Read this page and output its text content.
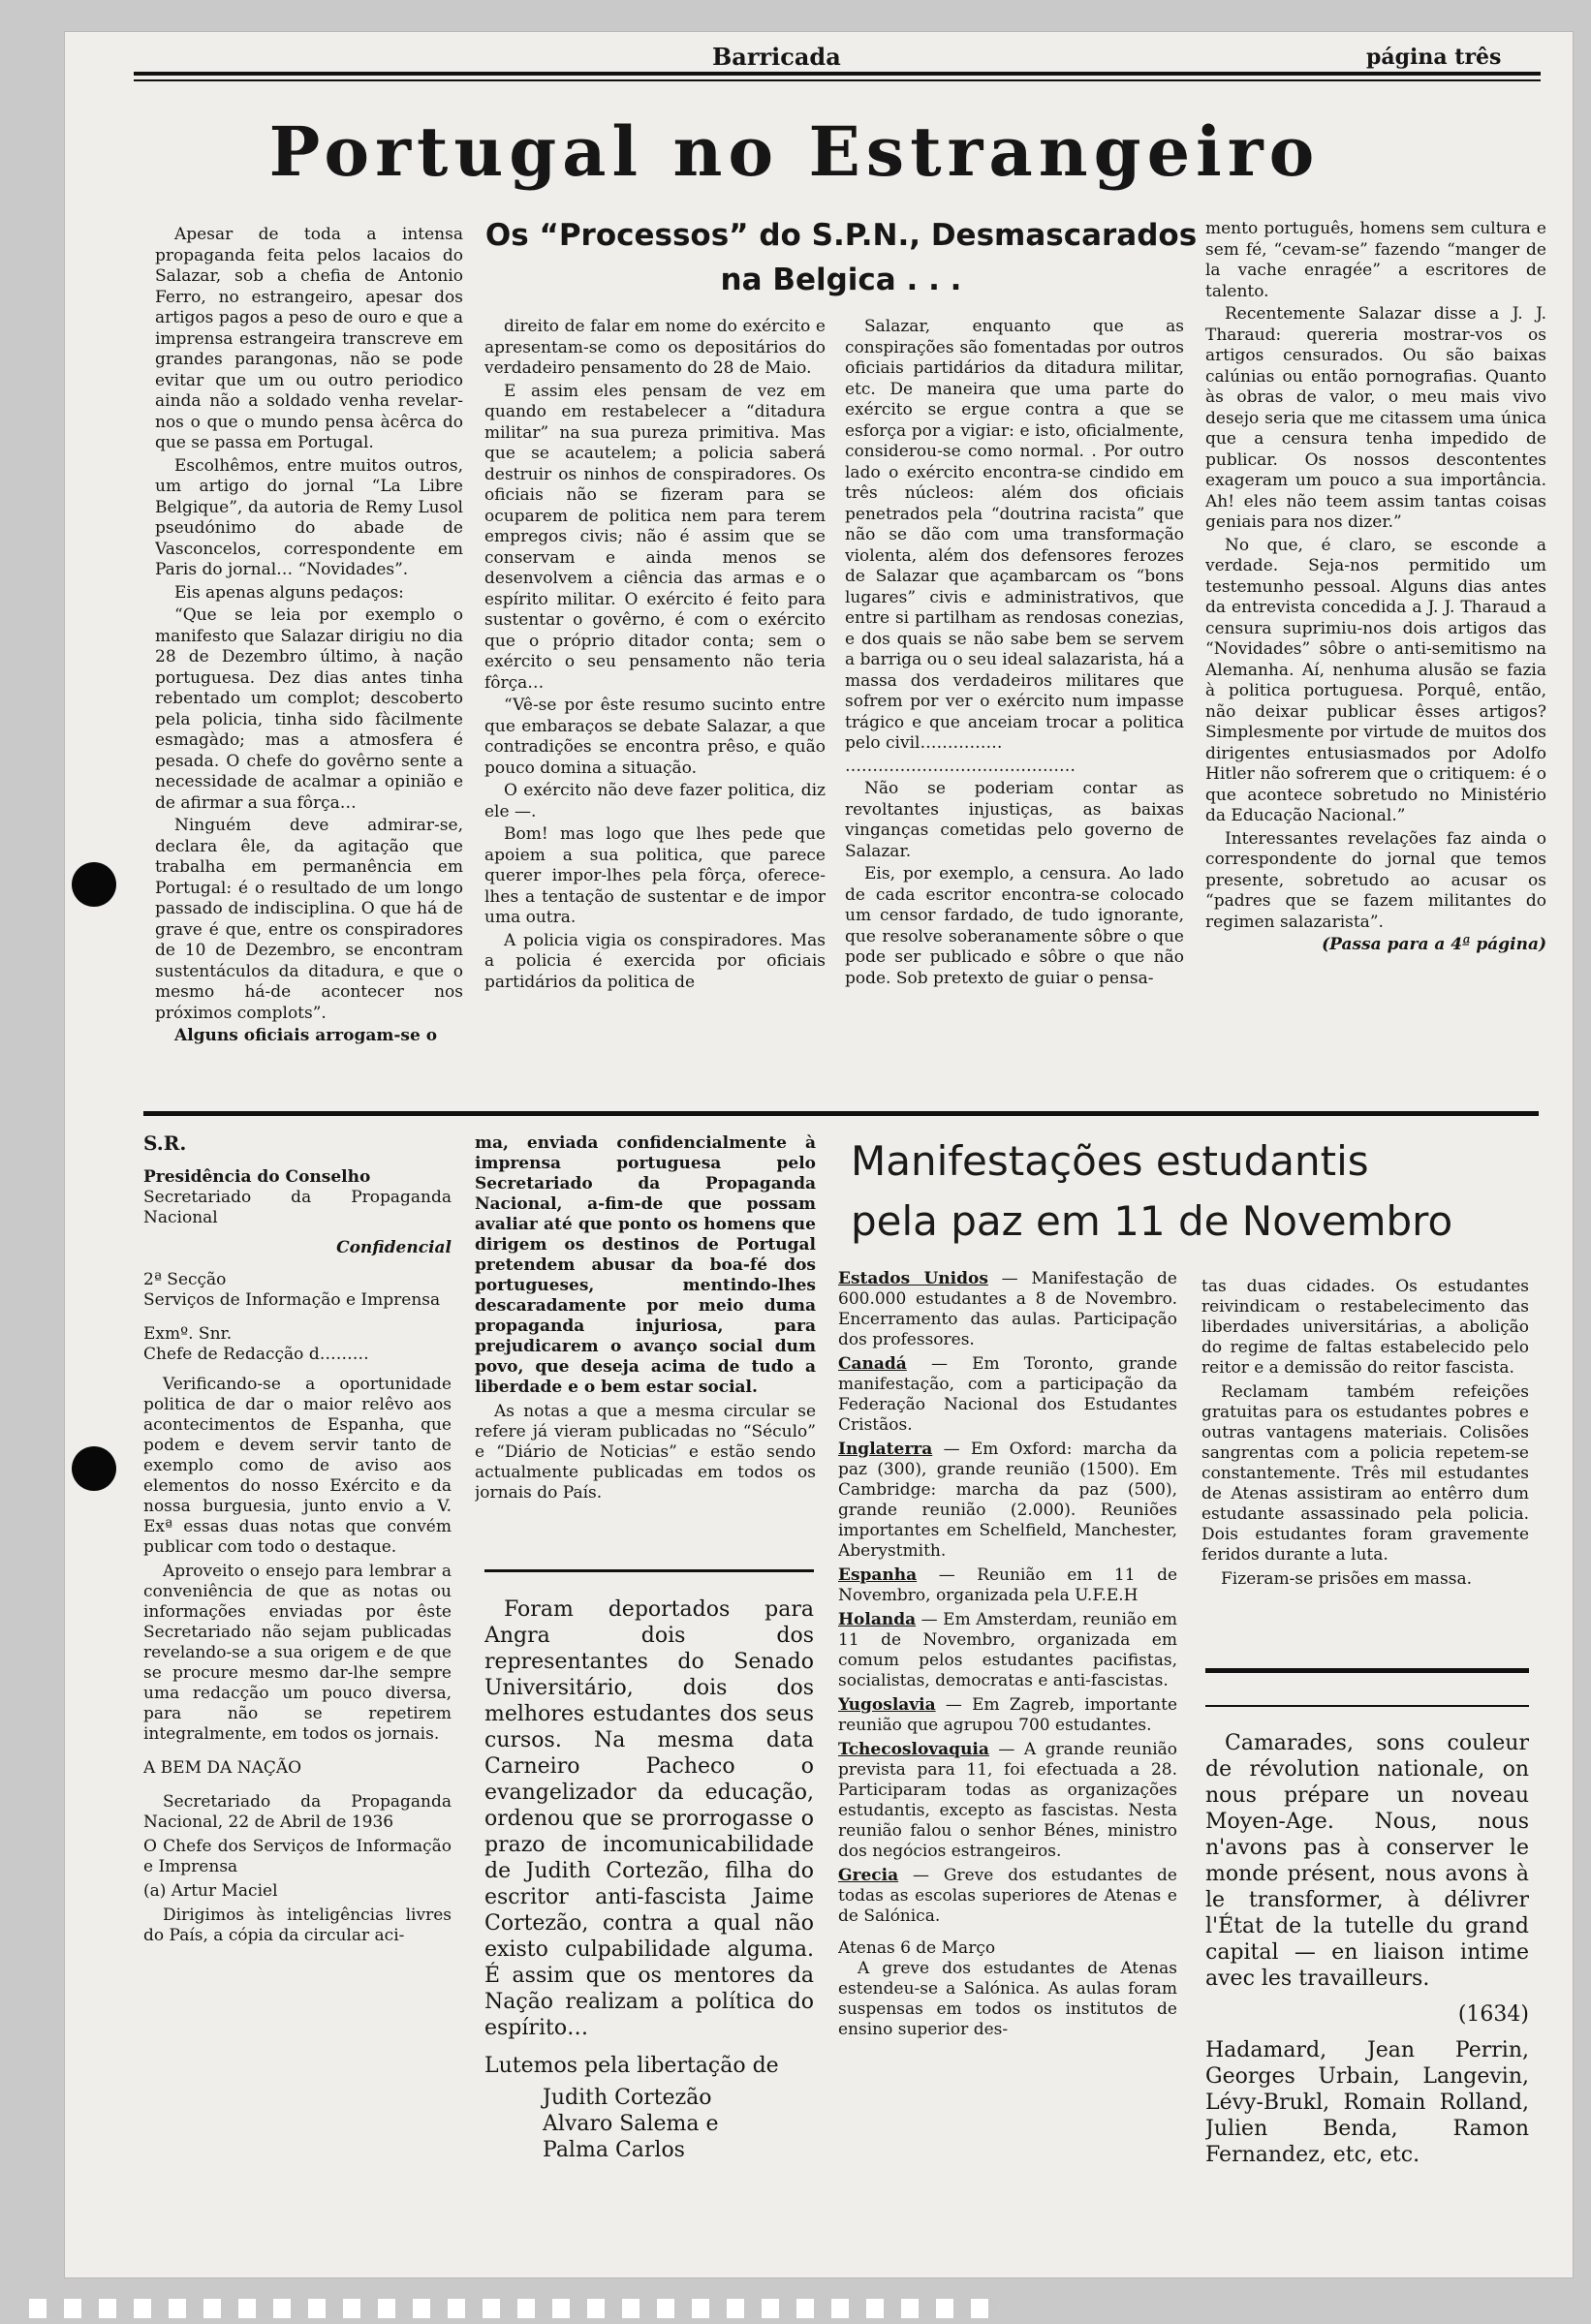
Barricada	página três
Portugal no Estrangeiro

Apesar de toda a intensa propaganda feita pelos lacaios do Salazar, sob a chefia de Antonio Ferro, no estrangeiro, apesar dos artigos pagos a peso de ouro e que a imprensa estrangeira transcreve em grandes parangonas, não se pode evitar que um ou outro periodico ainda não a soldado venha revelar-nos o que o mundo pensa àcêrca do que se passa em Portugal.

Escolhêmos, entre muitos outros, um artigo do jornal “La Libre Belgique”, da autoria de Remy Lusol pseudónimo do abade de Vasconcelos, correspondente em Paris do jornal… “Novidades”.

Eis apenas alguns pedaços:

“Que se leia por exemplo o manifesto que Salazar dirigiu no dia 28 de Dezembro último, à nação portuguesa. Dez dias antes tinha rebentado um complot; descoberto pela policia, tinha sido fàcilmente esmagàdo; mas a atmosfera é pesada. O chefe do govêrno sente a necessidade de acalmar a opinião e de afirmar a sua fôrça…

Ninguém deve admirar-se, declara êle, da agitação que trabalha em permanência em Portugal: é o resultado de um longo passado de indisciplina. O que há de grave é que, entre os conspiradores de 10 de Dezembro, se encontram sustentáculos da ditadura, e que o mesmo há-de acontecer nos próximos complots”.

Alguns oficiais arrogam-se o

Os “Processos” do S.P.N., Desmascarados na Belgica . . .

direito de falar em nome do exército e apresentam-se como os depositários do verdadeiro pensamento do 28 de Maio.

E assim eles pensam de vez em quando em restabelecer a “ditadura militar” na sua pureza primitiva. Mas que se acautelem; a policia saberá destruir os ninhos de conspiradores. Os oficiais não se fizeram para se ocuparem de politica nem para terem empregos civis; não é assim que se conservam e ainda menos se desenvolvem a ciência das armas e o espírito militar. O exército é feito para sustentar o govêrno, é com o exército que o próprio ditador conta; sem o exército o seu pensamento não teria fôrça…

“Vê-se por êste resumo sucinto entre que embaraços se debate Salazar, a que contradições se encontra prêso, e quão pouco domina a situação.

O exército não deve fazer politica, diz ele —.

Bom! mas logo que lhes pede que apoiem a sua politica, que parece querer impor-lhes pela fôrça, oferece-lhes a tentação de sustentar e de impor uma outra.

A policia vigia os conspiradores. Mas a policia é exercida por oficiais partidários da politica de

Salazar, enquanto que as conspirações são fomentadas por outros oficiais partidários da ditadura militar, etc. De maneira que uma parte do exército se ergue contra a que se esforça por a vigiar: e isto, oficialmente, considerou-se como normal. . Por outro lado o exército encontra-se cindido em três núcleos: além dos oficiais penetrados pela “doutrina racista” que não se dão com uma transformação violenta, além dos defensores ferozes de Salazar que açambarcam os “bons lugares” civis e administrativos, que entre si partilham as rendosas conezias, e dos quais se não sabe bem se servem a barriga ou o seu ideal salazarista, há a massa dos verdadeiros militares que sofrem por ver o exército num impasse trágico e que anceiam trocar a politica pelo civil……………

……………………………………

Não se poderiam contar as revoltantes injustiças, as baixas vinganças cometidas pelo governo de Salazar.

Eis, por exemplo, a censura. Ao lado de cada escritor encontra-se colocado um censor fardado, de tudo ignorante, que resolve soberanamente sôbre o que pode ser publicado e sôbre o que não pode. Sob pretexto de guiar o pensa-

mento português, homens sem cultura e sem fé, “cevam-se” fazendo “manger de la vache enragée” a escritores de talento.

Recentemente Salazar disse a J. J. Tharaud: quereria mostrar-vos os artigos censurados. Ou são baixas calúnias ou então pornografias. Quanto às obras de valor, o meu mais vivo desejo seria que me citassem uma única que a censura tenha impedido de publicar. Os nossos descontentes exageram um pouco a sua importância. Ah! eles não teem assim tantas coisas geniais para nos dizer.”

No que, é claro, se esconde a verdade. Seja-nos permitido um testemunho pessoal. Alguns dias antes da entrevista concedida a J. J. Tharaud a censura suprimiu-nos dois artigos das “Novidades” sôbre o anti-semitismo na Alemanha. Aí, nenhuma alusão se fazia à politica portuguesa. Porquê, então, não deixar publicar êsses artigos? Simplesmente por virtude de muitos dos dirigentes entusiasmados por Adolfo Hitler não sofrerem que o critiquem: é o que acontece sobretudo no Ministério da Educação Nacional.”

Interessantes revelações faz ainda o correspondente do jornal que temos presente, sobretudo ao acusar os “padres que se fazem militantes do regimen salazarista”.

(Passa para a 4ª página)

S.R.

Presidência do Conselho

Secretariado da Propaganda Nacional

Confidencial

2ª Secção

Serviços de Informação e Imprensa

Exmº. Snr.

Chefe de Redacção d………

Verificando-se a oportunidade politica de dar o maior relêvo aos acontecimentos de Espanha, que podem e devem servir tanto de exemplo como de aviso aos elementos do nosso Exército e da nossa burguesia, junto envio a V. Exª essas duas notas que convém publicar com todo o destaque.

Aproveito o ensejo para lembrar a conveniência de que as notas ou informações enviadas por êste Secretariado não sejam publicadas revelando-se a sua origem e de que se procure mesmo dar-lhe sempre uma redacção um pouco diversa, para não se repetirem integralmente, em todos os jornais.

A BEM DA NAÇÃO

Secretariado da Propaganda Nacional, 22 de Abril de 1936

O Chefe dos Serviços de Informação e Imprensa

(a) Artur Maciel

Dirigimos às inteligências livres do País, a cópia da circular aci-

ma, enviada confidencialmente à imprensa portuguesa pelo Secretariado da Propaganda Nacional, a-fim-de que possam avaliar até que ponto os homens que dirigem os destinos de Portugal pretendem abusar da boa-fé dos portugueses, mentindo-lhes descaradamente por meio duma propaganda injuriosa, para prejudicarem o avanço social dum povo, que deseja acima de tudo a liberdade e o bem estar social.

As notas a que a mesma circular se refere já vieram publicadas no “Século” e “Diário de Noticias” e estão sendo actualmente publicadas em todos os jornais do País.

Foram deportados para Angra dois dos representantes do Senado Universitário, dois dos melhores estudantes dos seus cursos. Na mesma data Carneiro Pacheco o evangelizador da educação, ordenou que se prorrogasse o prazo de incomunicabilidade de Judith Cortezão, filha do escritor anti-fascista Jaime Cortezão, contra a qual não existo culpabilidade alguma. É assim que os mentores da Nação realizam a política do espírito…

Lutemos pela libertação de

Judith Cortezão

Alvaro Salema e

Palma Carlos

Manifestações estudantis
pela paz em 11 de Novembro

Estados Unidos — Manifestação de 600.000 estudantes a 8 de Novembro. Encerramento das aulas. Participação dos professores.

Canadá — Em Toronto, grande manifestação, com a participação da Federação Nacional dos Estudantes Cristãos.

Inglaterra — Em Oxford: marcha da paz (300), grande reunião (1500). Em Cambridge: marcha da paz (500), grande reunião (2.000). Reuniões importantes em Schelfield, Manchester, Aberystmith.

Espanha — Reunião em 11 de Novembro, organizada pela U.F.E.H

Holanda — Em Amsterdam, reunião em 11 de Novembro, organizada em comum pelos estudantes pacifistas, socialistas, democratas e anti-fascistas.

Yugoslavia — Em Zagreb, importante reunião que agrupou 700 estudantes.

Tchecoslovaquia — A grande reunião prevista para 11, foi efectuada a 28. Participaram todas as organizações estudantis, excepto as fascistas. Nesta reunião falou o senhor Bénes, ministro dos negócios estrangeiros.

Grecia — Greve dos estudantes de todas as escolas superiores de Atenas e de Salónica.

Atenas 6 de Março

A greve dos estudantes de Atenas estendeu-se a Salónica. As aulas foram suspensas em todos os institutos de ensino superior des-

tas duas cidades. Os estudantes reivindicam o restabelecimento das liberdades universitárias, a abolição do regime de faltas estabelecido pelo reitor e a demissão do reitor fascista.

Reclamam também refeições gratuitas para os estudantes pobres e outras vantagens materiais. Colisões sangrentas com a policia repetem-se constantemente. Três mil estudantes de Atenas assistiram ao entêrro dum estudante assassinado pela policia. Dois estudantes foram gravemente feridos durante a luta.

Fizeram-se prisões em massa.

Camarades, sons couleur de révolution nationale, on nous prépare un noveau Moyen-Age. Nous, nous n'avons pas à conserver le monde présent, nous avons à le transformer, à délivrer l'État de la tutelle du grand capital — en liaison intime avec les travailleurs.

(1634)

Hadamard, Jean Perrin, Georges Urbain, Langevin, Lévy-Brukl, Romain Rolland, Julien Benda, Ramon Fernandez, etc, etc.
